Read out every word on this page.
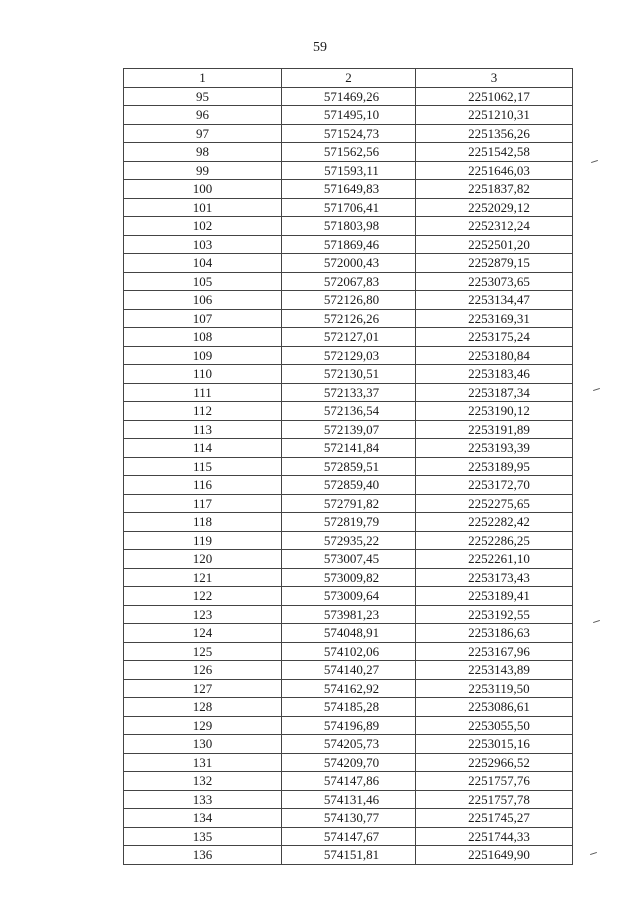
59
1	2	3
95	571469,26	2251062,17
96	571495,10	2251210,31
97	571524,73	2251356,26
98	571562,56	2251542,58
99	571593,11	2251646,03
100	571649,83	2251837,82
101	571706,41	2252029,12
102	571803,98	2252312,24
103	571869,46	2252501,20
104	572000,43	2252879,15
105	572067,83	2253073,65
106	572126,80	2253134,47
107	572126,26	2253169,31
108	572127,01	2253175,24
109	572129,03	2253180,84
110	572130,51	2253183,46
111	572133,37	2253187,34
112	572136,54	2253190,12
113	572139,07	2253191,89
114	572141,84	2253193,39
115	572859,51	2253189,95
116	572859,40	2253172,70
117	572791,82	2252275,65
118	572819,79	2252282,42
119	572935,22	2252286,25
120	573007,45	2252261,10
121	573009,82	2253173,43
122	573009,64	2253189,41
123	573981,23	2253192,55
124	574048,91	2253186,63
125	574102,06	2253167,96
126	574140,27	2253143,89
127	574162,92	2253119,50
128	574185,28	2253086,61
129	574196,89	2253055,50
130	574205,73	2253015,16
131	574209,70	2252966,52
132	574147,86	2251757,76
133	574131,46	2251757,78
134	574130,77	2251745,27
135	574147,67	2251744,33
136	574151,81	2251649,90
